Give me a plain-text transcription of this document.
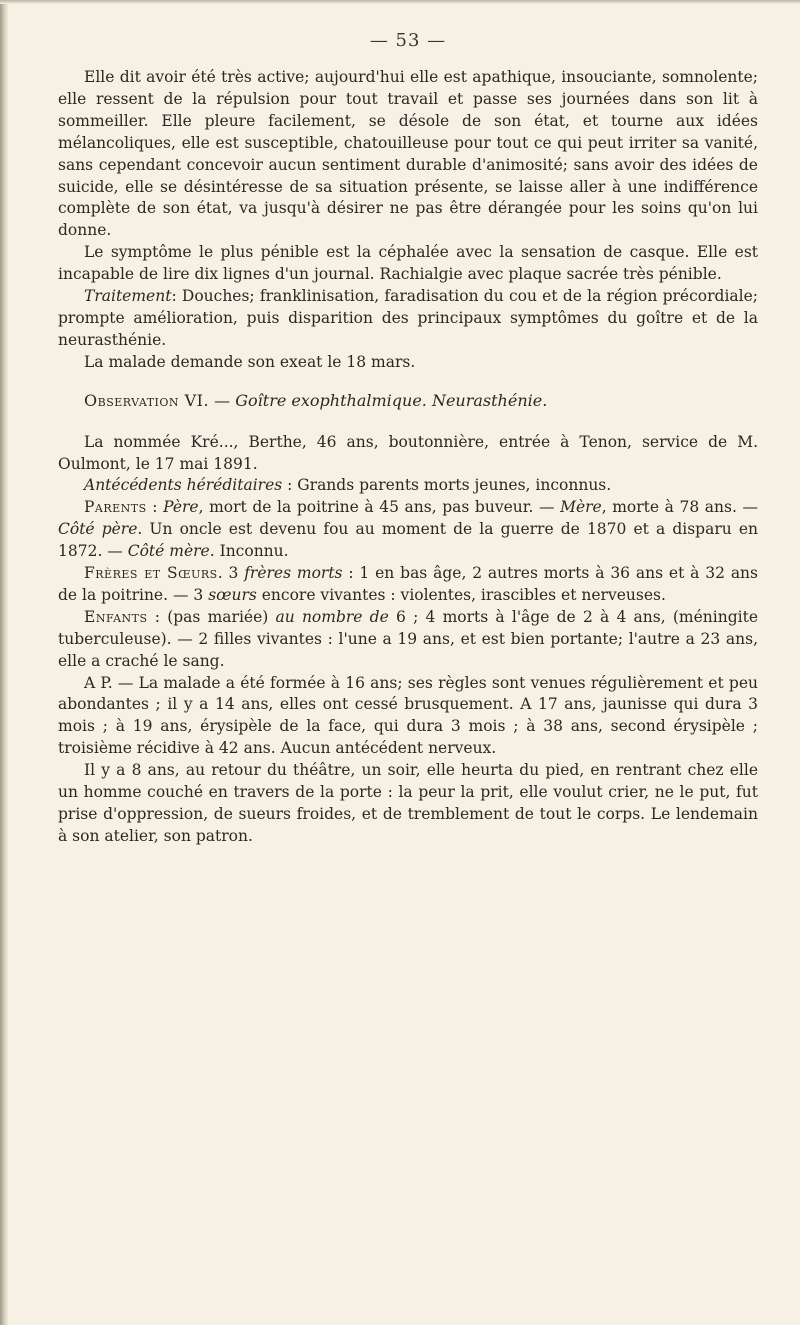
— 53 —

Elle dit avoir été très active; aujourd'hui elle est apathique, insouciante, somnolente; elle ressent de la répulsion pour tout travail et passe ses journées dans son lit à sommeiller. Elle pleure facilement, se désole de son état, et tourne aux idées mélancoliques, elle est susceptible, chatouilleuse pour tout ce qui peut irriter sa vanité, sans cependant concevoir aucun sentiment durable d'animosité; sans avoir des idées de suicide, elle se désintéresse de sa situation présente, se laisse aller à une indifférence complète de son état, va jusqu'à désirer ne pas être dérangée pour les soins qu'on lui donne.

Le symptôme le plus pénible est la céphalée avec la sensation de casque. Elle est incapable de lire dix lignes d'un journal. Rachialgie avec plaque sacrée très pénible.

Traitement: Douches; franklinisation, faradisation du cou et de la région précordiale; prompte amélioration, puis disparition des principaux symptômes du goître et de la neurasthénie.

La malade demande son exeat le 18 mars.

Observation VI. — Goître exophthalmique. Neurasthénie.

La nommée Kré..., Berthe, 46 ans, boutonnière, entrée à Tenon, service de M. Oulmont, le 17 mai 1891.

Antécédents héréditaires : Grands parents morts jeunes, inconnus.

Parents : Père, mort de la poitrine à 45 ans, pas buveur. — Mère, morte à 78 ans. — Côté père. Un oncle est devenu fou au moment de la guerre de 1870 et a disparu en 1872. — Côté mère. Inconnu.

Frères et Sœurs. 3 frères morts : 1 en bas âge, 2 autres morts à 36 ans et à 32 ans de la poitrine. — 3 sœurs encore vivantes : violentes, irascibles et nerveuses.

Enfants : (pas mariée) au nombre de 6 ; 4 morts à l'âge de 2 à 4 ans, (méningite tuberculeuse). — 2 filles vivantes : l'une a 19 ans, et est bien portante; l'autre a 23 ans, elle a craché le sang.

A P. — La malade a été formée à 16 ans; ses règles sont venues régulièrement et peu abondantes ; il y a 14 ans, elles ont cessé brusquement. A 17 ans, jaunisse qui dura 3 mois ; à 19 ans, érysipèle de la face, qui dura 3 mois ; à 38 ans, second érysipèle ; troisième récidive à 42 ans. Aucun antécédent nerveux.

Il y a 8 ans, au retour du théâtre, un soir, elle heurta du pied, en rentrant chez elle un homme couché en travers de la porte : la peur la prit, elle voulut crier, ne le put, fut prise d'oppression, de sueurs froides, et de tremblement de tout le corps. Le lendemain à son atelier, son patron.
